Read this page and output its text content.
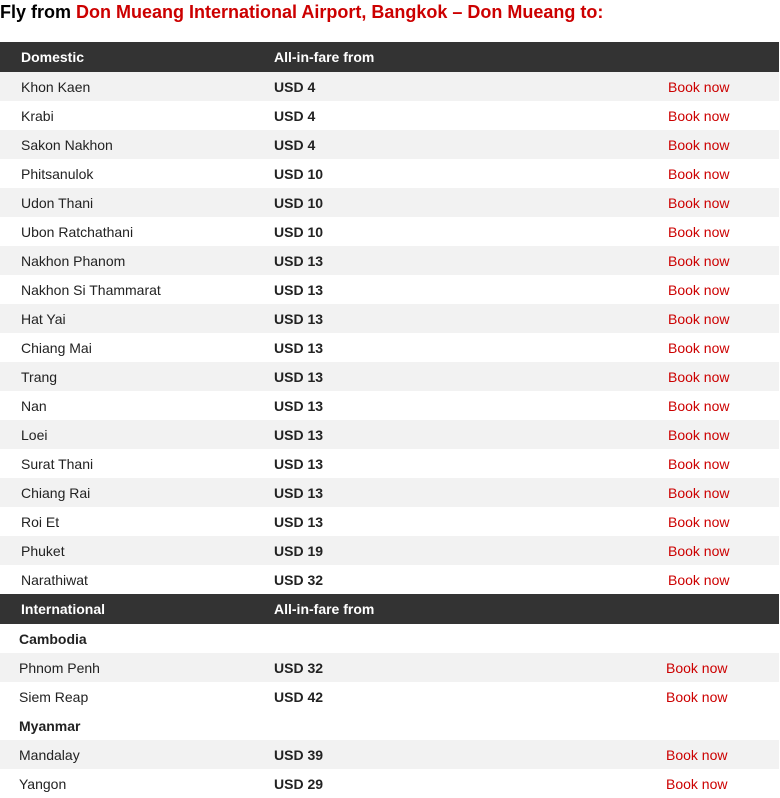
Fly from Don Mueang International Airport, Bangkok – Don Mueang to:
Domestic	All-in-fare from	
Khon Kaen	USD 4	Book now
Krabi	USD 4	Book now
Sakon Nakhon	USD 4	Book now
Phitsanulok	USD 10	Book now
Udon Thani	USD 10	Book now
Ubon Ratchathani	USD 10	Book now
Nakhon Phanom	USD 13	Book now
Nakhon Si Thammarat	USD 13	Book now
Hat Yai	USD 13	Book now
Chiang Mai	USD 13	Book now
Trang	USD 13	Book now
Nan	USD 13	Book now
Loei	USD 13	Book now
Surat Thani	USD 13	Book now
Chiang Rai	USD 13	Book now
Roi Et	USD 13	Book now
Phuket	USD 19	Book now
Narathiwat	USD 32	Book now
International	All-in-fare from	
Cambodia		
Phnom Penh	USD 32	Book now
Siem Reap	USD 42	Book now
Myanmar		
Mandalay	USD 39	Book now
Yangon	USD 29	Book now
